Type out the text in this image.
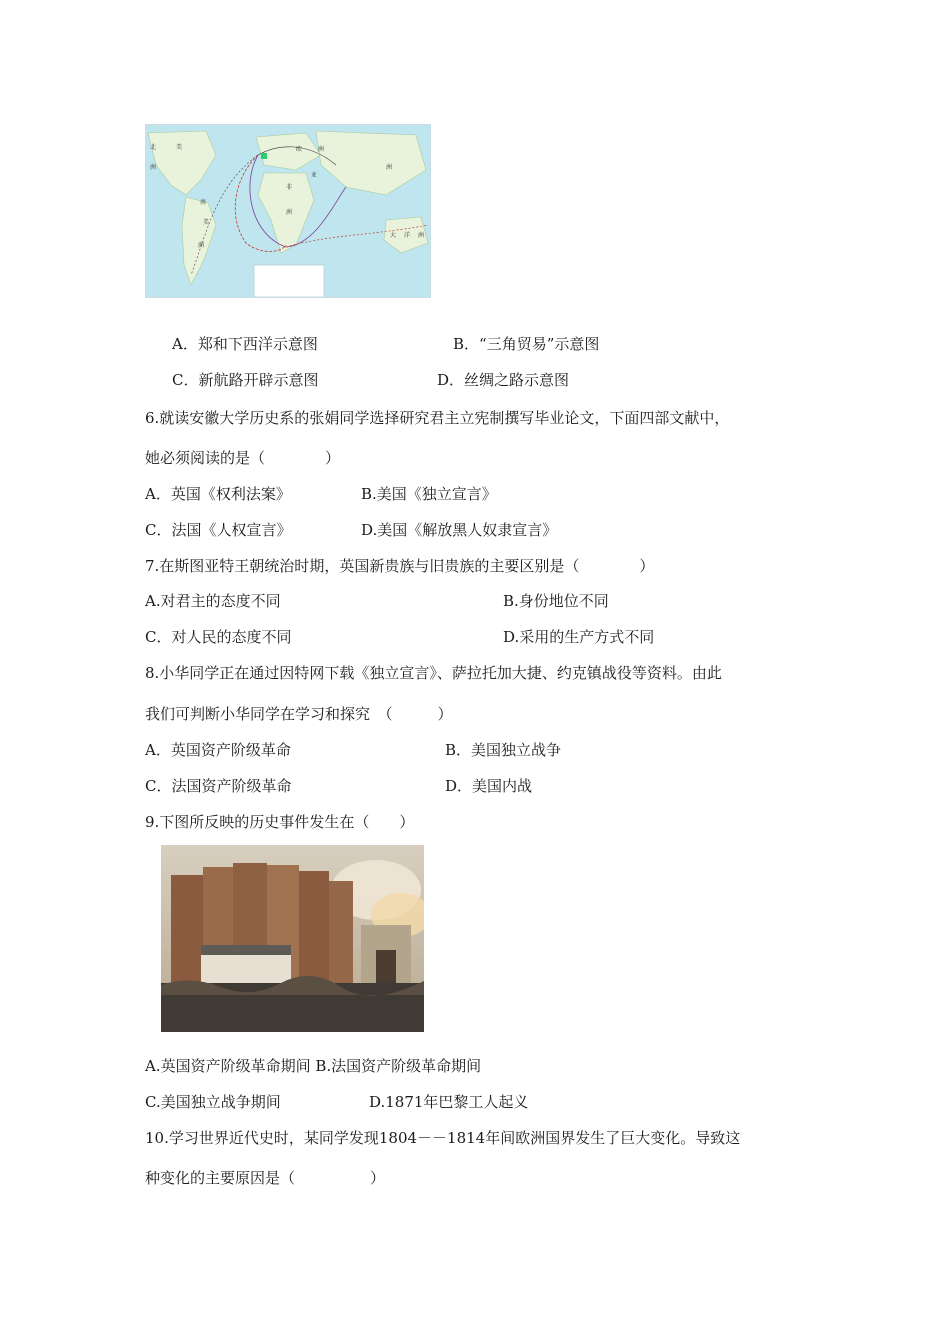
北	美
洲
欧	洲
亚
洲
非
洲
南
美
洲
大 洋 洲
A．郑和下西洋示意图	B．“三角贸易”示意图
C．新航路开辟示意图	D．丝绸之路示意图
6.就读安徽大学历史系的张娟同学选择研究君主立宪制撰写毕业论文，下面四部文献中，
她必须阅读的是（　　　　）
A．英国《权利法案》	B.美国《独立宣言》
C．法国《人权宣言》	D.美国《解放黑人奴隶宣言》
7.在斯图亚特王朝统治时期，英国新贵族与旧贵族的主要区别是（　　　　）
A.对君主的态度不同	B.身份地位不同
C．对人民的态度不同	D.采用的生产方式不同
8.小华同学正在通过因特网下载《独立宣言》、萨拉托加大捷、约克镇战役等资料。由此
我们可判断小华同学在学习和探究　（　　　）
A．英国资产阶级革命	B．美国独立战争
C．法国资产阶级革命	D．美国内战
9.下图所反映的历史事件发生在（　　）
A.英国资产阶级革命期间 B.法国资产阶级革命期间
C.美国独立战争期间	D.1871年巴黎工人起义
10.学习世界近代史时，某同学发现1804－－1814年间欧洲国界发生了巨大变化。导致这
种变化的主要原因是（　　　　　）
